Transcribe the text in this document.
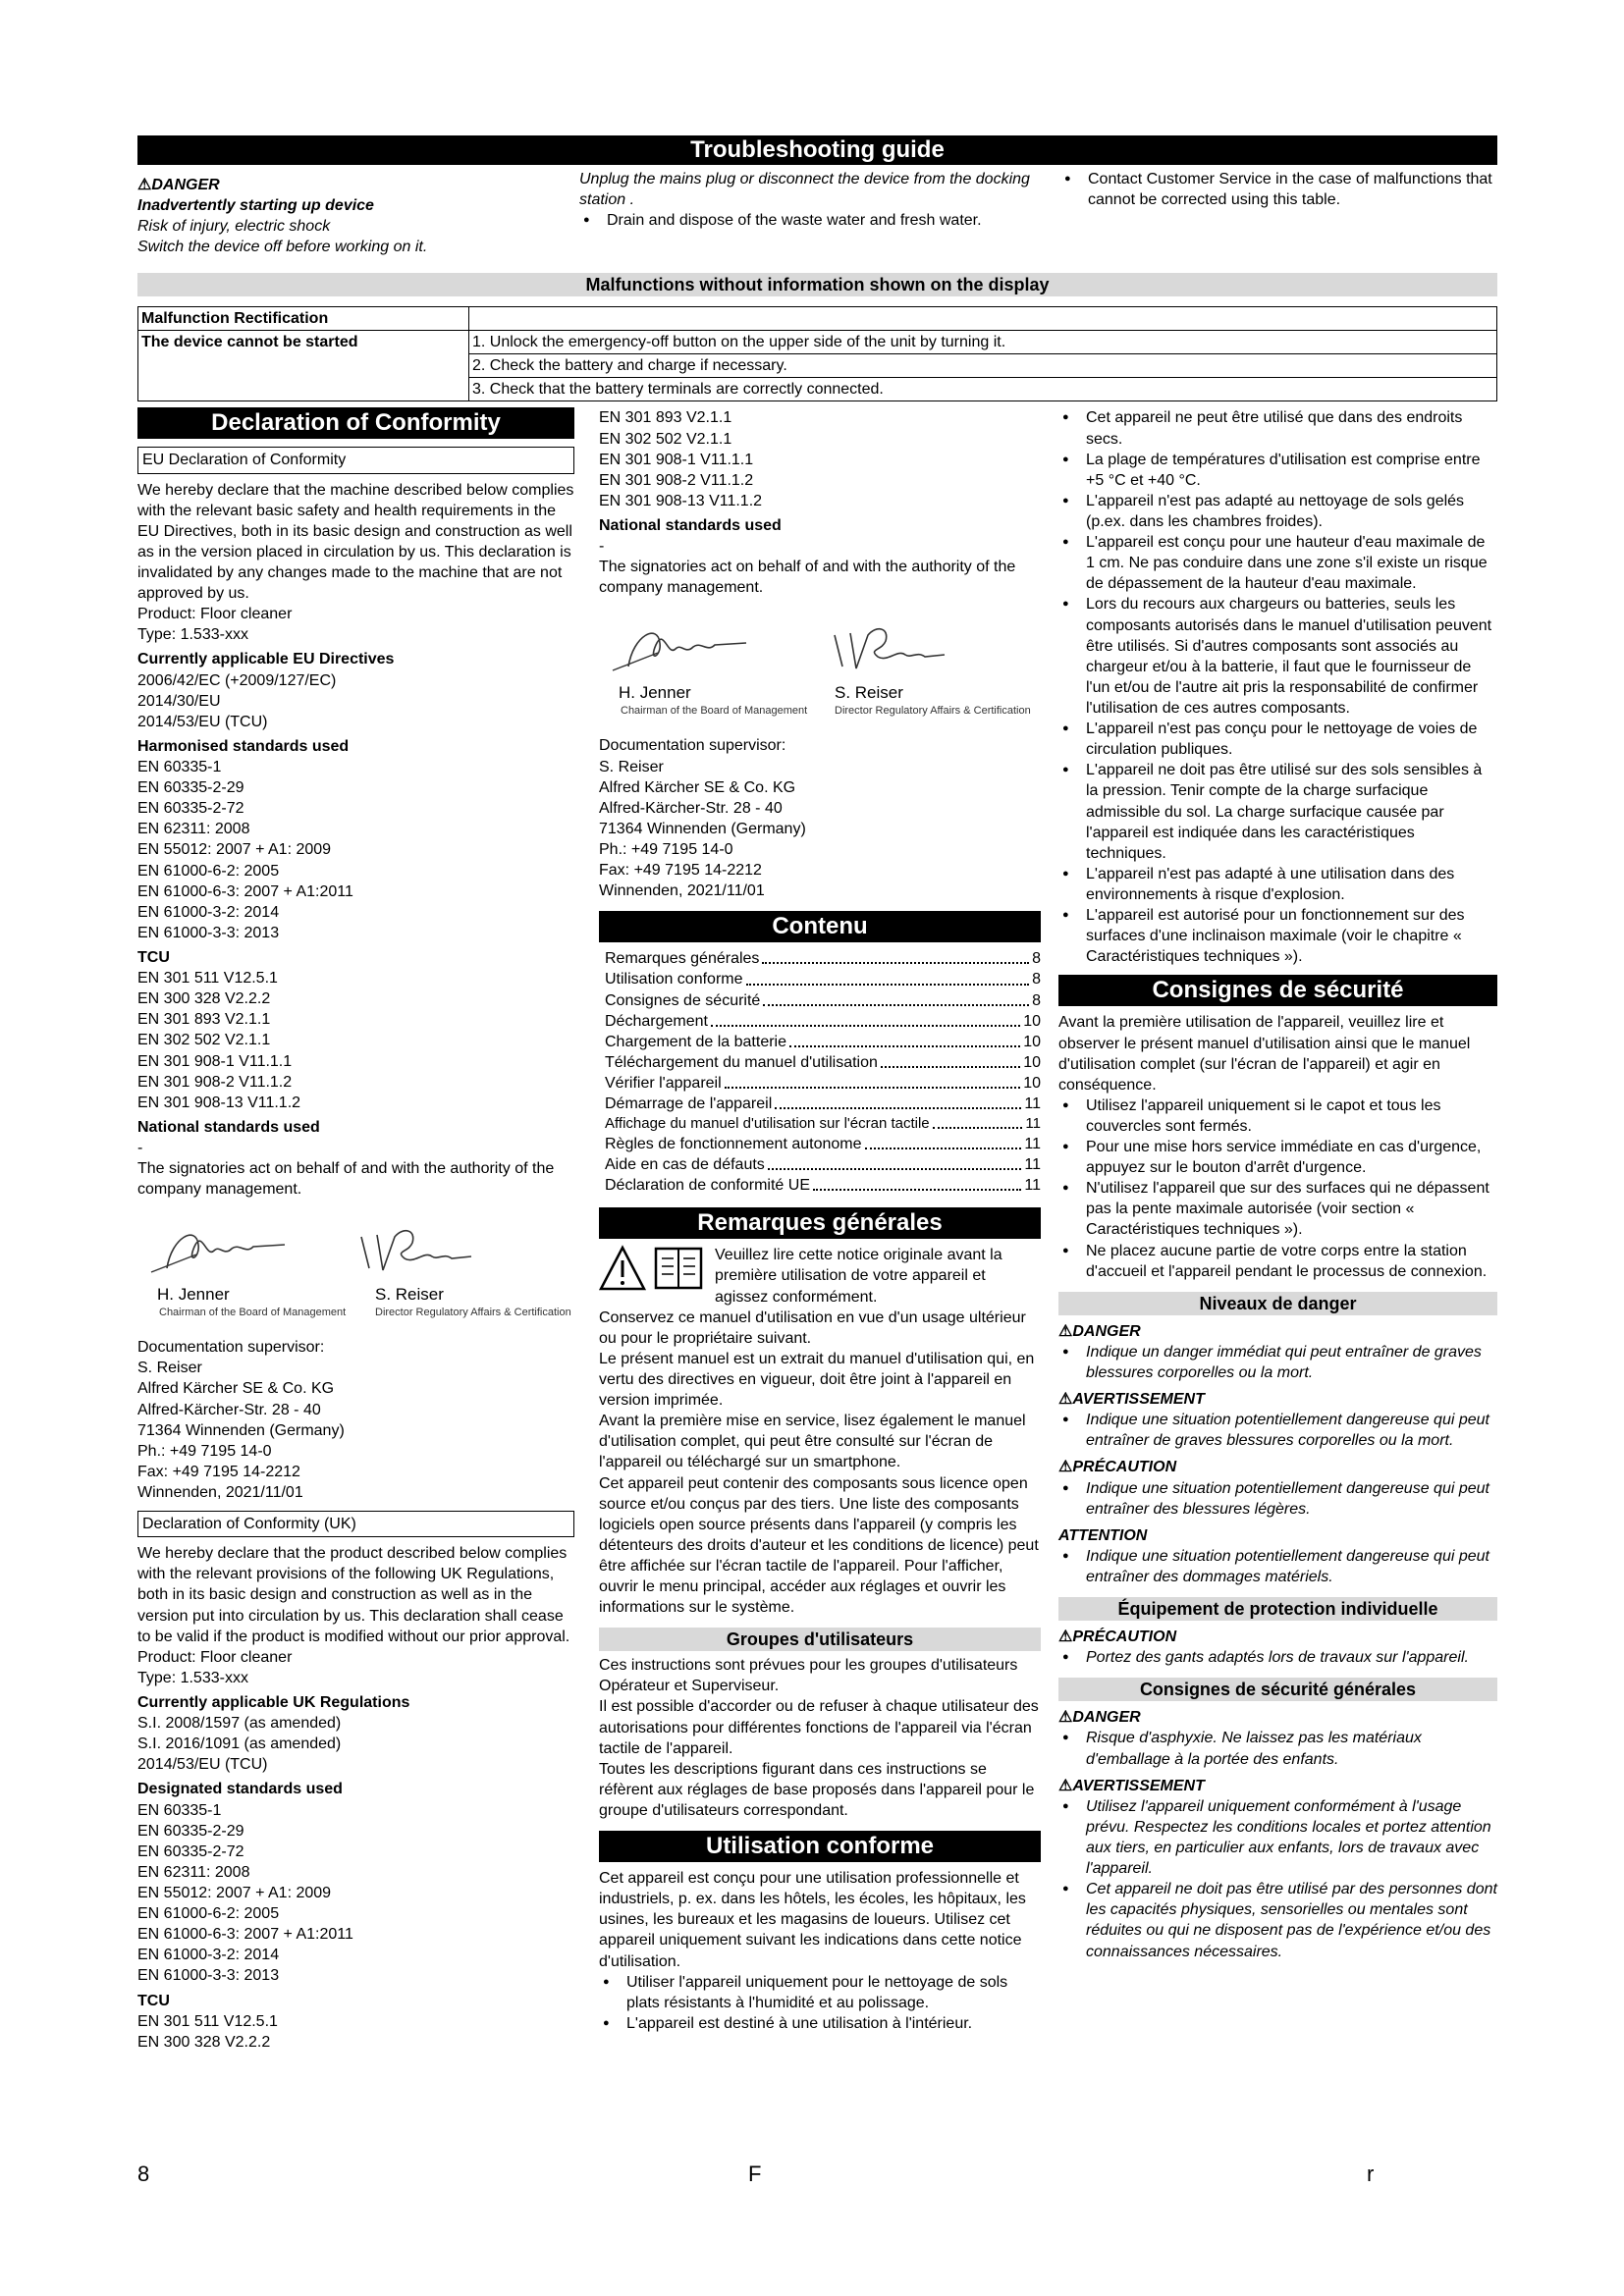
Troubleshooting guide

⚠DANGER

Inadvertently starting up device

Risk of injury, electric shock

Switch the device off before working on it.

Unplug the mains plug or disconnect the device from the docking station .

● Drain and dispose of the waste water and fresh water.
● Contact Customer Service in the case of malfunctions that cannot be corrected using this table.
Malfunctions without information shown on the display
Malfunction Rectification	
The device cannot be started	1. Unlock the emergency-off button on the upper side of the unit by turning it.
2. Check the battery and charge if necessary.
3. Check that the battery terminals are correctly connected.
Declaration of Conformity
EU Declaration of Conformity

We hereby declare that the machine described below complies with the relevant basic safety and health requirements in the EU Directives, both in its basic design and construction as well as in the version placed in circulation by us. This declaration is invalidated by any changes made to the machine that are not approved by us.

Product: Floor cleaner

Type: 1.533-xxx

Currently applicable EU Directives

2006/42/EC (+2009/127/EC)

2014/30/EU

2014/53/EU (TCU)

Harmonised standards used

EN 60335-1

EN 60335-2-29

EN 60335-2-72

EN 62311: 2008

EN 55012: 2007 + A1: 2009

EN 61000-6-2: 2005

EN 61000-6-3: 2007 + A1:2011

EN 61000-3-2: 2014

EN 61000-3-3: 2013

TCU

EN 301 511 V12.5.1

EN 300 328 V2.2.2

EN 301 893 V2.1.1

EN 302 502 V2.1.1

EN 301 908-1 V11.1.1

EN 301 908-2 V11.1.2

EN 301 908-13 V11.1.2

National standards used

-

The signatories act on behalf of and with the authority of the company management.

H. Jenner
Chairman of the Board of Management
S. Reiser
Director Regulatory Affairs & Certification

Documentation supervisor:

S. Reiser

Alfred Kärcher SE & Co. KG

Alfred-Kärcher-Str. 28 - 40

71364 Winnenden (Germany)

Ph.: +49 7195 14-0

Fax: +49 7195 14-2212

Winnenden, 2021/11/01

Declaration of Conformity (UK)

We hereby declare that the product described below complies with the relevant provisions of the following UK Regulations, both in its basic design and construction as well as in the version put into circulation by us. This declaration shall cease to be valid if the product is modified without our prior approval.

Product: Floor cleaner

Type: 1.533-xxx

Currently applicable UK Regulations

S.I. 2008/1597 (as amended)

S.I. 2016/1091 (as amended)

2014/53/EU (TCU)

Designated standards used

EN 60335-1

EN 60335-2-29

EN 60335-2-72

EN 62311: 2008

EN 55012: 2007 + A1: 2009

EN 61000-6-2: 2005

EN 61000-6-3: 2007 + A1:2011

EN 61000-3-2: 2014

EN 61000-3-3: 2013

TCU

EN 301 511 V12.5.1

EN 300 328 V2.2.2

EN 301 893 V2.1.1

EN 302 502 V2.1.1

EN 301 908-1 V11.1.1

EN 301 908-2 V11.1.2

EN 301 908-13 V11.1.2

National standards used

-

The signatories act on behalf of and with the authority of the company management.

H. Jenner
Chairman of the Board of Management
S. Reiser
Director Regulatory Affairs & Certification

Documentation supervisor:

S. Reiser

Alfred Kärcher SE & Co. KG

Alfred-Kärcher-Str. 28 - 40

71364 Winnenden (Germany)

Ph.: +49 7195 14-0

Fax: +49 7195 14-2212

Winnenden, 2021/11/01

Contenu
Remarques générales	8
Utilisation conforme	8
Consignes de sécurité	8
Déchargement	10
Chargement de la batterie	10
Téléchargement du manuel d'utilisation	10
Vérifier l'appareil	10
Démarrage de l'appareil	11
Affichage du manuel d'utilisation sur l'écran tactile	11
Règles de fonctionnement autonome	11
Aide en cas de défauts	11
Déclaration de conformité UE	11
Remarques générales

Veuillez lire cette notice originale avant la première utilisation de votre appareil et agissez conformément.

Conservez ce manuel d'utilisation en vue d'un usage ultérieur ou pour le propriétaire suivant.

Le présent manuel est un extrait du manuel d'utilisation qui, en vertu des directives en vigueur, doit être joint à l'appareil en version imprimée.

Avant la première mise en service, lisez également le manuel d'utilisation complet, qui peut être consulté sur l'écran de l'appareil ou téléchargé sur un smartphone.

Cet appareil peut contenir des composants sous licence open source et/ou conçus par des tiers. Une liste des composants logiciels open source présents dans l'appareil (y compris les détenteurs des droits d'auteur et les conditions de licence) peut être affichée sur l'écran tactile de l'appareil. Pour l'afficher, ouvrir le menu principal, accéder aux réglages et ouvrir les informations sur le système.

Groupes d'utilisateurs

Ces instructions sont prévues pour les groupes d'utilisateurs Opérateur et Superviseur.

Il est possible d'accorder ou de refuser à chaque utilisateur des autorisations pour différentes fonctions de l'appareil via l'écran tactile de l'appareil.

Toutes les descriptions figurant dans ces instructions se réfèrent aux réglages de base proposés dans l'appareil pour le groupe d'utilisateurs correspondant.

Utilisation conforme

Cet appareil est conçu pour une utilisation professionnelle et industriels, p. ex. dans les hôtels, les écoles, les hôpitaux, les usines, les bureaux et les magasins de loueurs. Utilisez cet appareil uniquement suivant les indications dans cette notice d'utilisation.

● Utiliser l'appareil uniquement pour le nettoyage de sols plats résistants à l'humidité et au polissage.
● L'appareil est destiné à une utilisation à l'intérieur.
● Cet appareil ne peut être utilisé que dans des endroits secs.
● La plage de températures d'utilisation est comprise entre +5 °C et +40 °C.
● L'appareil n'est pas adapté au nettoyage de sols gelés (p.ex. dans les chambres froides).
● L'appareil est conçu pour une hauteur d'eau maximale de 1 cm. Ne pas conduire dans une zone s'il existe un risque de dépassement de la hauteur d'eau maximale.
● Lors du recours aux chargeurs ou batteries, seuls les composants autorisés dans le manuel d'utilisation peuvent être utilisés. Si d'autres composants sont associés au chargeur et/ou à la batterie, il faut que le fournisseur de l'un et/ou de l'autre ait pris la responsabilité de confirmer l'utilisation de ces autres composants.
● L'appareil n'est pas conçu pour le nettoyage de voies de circulation publiques.
● L'appareil ne doit pas être utilisé sur des sols sensibles à la pression. Tenir compte de la charge surfacique admissible du sol. La charge surfacique causée par l'appareil est indiquée dans les caractéristiques techniques.
● L'appareil n'est pas adapté à une utilisation dans des environnements à risque d'explosion.
● L'appareil est autorisé pour un fonctionnement sur des surfaces d'une inclinaison maximale (voir le chapitre « Caractéristiques techniques »).
Consignes de sécurité

Avant la première utilisation de l'appareil, veuillez lire et observer le présent manuel d'utilisation ainsi que le manuel d'utilisation complet (sur l'écran de l'appareil) et agir en conséquence.

● Utilisez l'appareil uniquement si le capot et tous les couvercles sont fermés.
● Pour une mise hors service immédiate en cas d'urgence, appuyez sur le bouton d'arrêt d'urgence.
● N'utilisez l'appareil que sur des surfaces qui ne dépassent pas la pente maximale autorisée (voir section « Caractéristiques techniques »).
● Ne placez aucune partie de votre corps entre la station d'accueil et l'appareil pendant le processus de connexion.
Niveaux de danger

⚠DANGER

● Indique un danger immédiat qui peut entraîner de graves blessures corporelles ou la mort.

⚠AVERTISSEMENT

● Indique une situation potentiellement dangereuse qui peut entraîner de graves blessures corporelles ou la mort.

⚠PRÉCAUTION

● Indique une situation potentiellement dangereuse qui peut entraîner des blessures légères.

ATTENTION

● Indique une situation potentiellement dangereuse qui peut entraîner des dommages matériels.
Équipement de protection individuelle

⚠PRÉCAUTION

● Portez des gants adaptés lors de travaux sur l'appareil.
Consignes de sécurité générales

⚠DANGER

● Risque d'asphyxie. Ne laissez pas les matériaux d'emballage à la portée des enfants.

⚠AVERTISSEMENT

● Utilisez l'appareil uniquement conformément à l'usage prévu. Respectez les conditions locales et portez attention aux tiers, en particulier aux enfants, lors de travaux avec l'appareil.
● Cet appareil ne doit pas être utilisé par des personnes dont les capacités physiques, sensorielles ou mentales sont réduites ou qui ne disposent pas de l'expérience et/ou des connaissances nécessaires.
8	F	r
